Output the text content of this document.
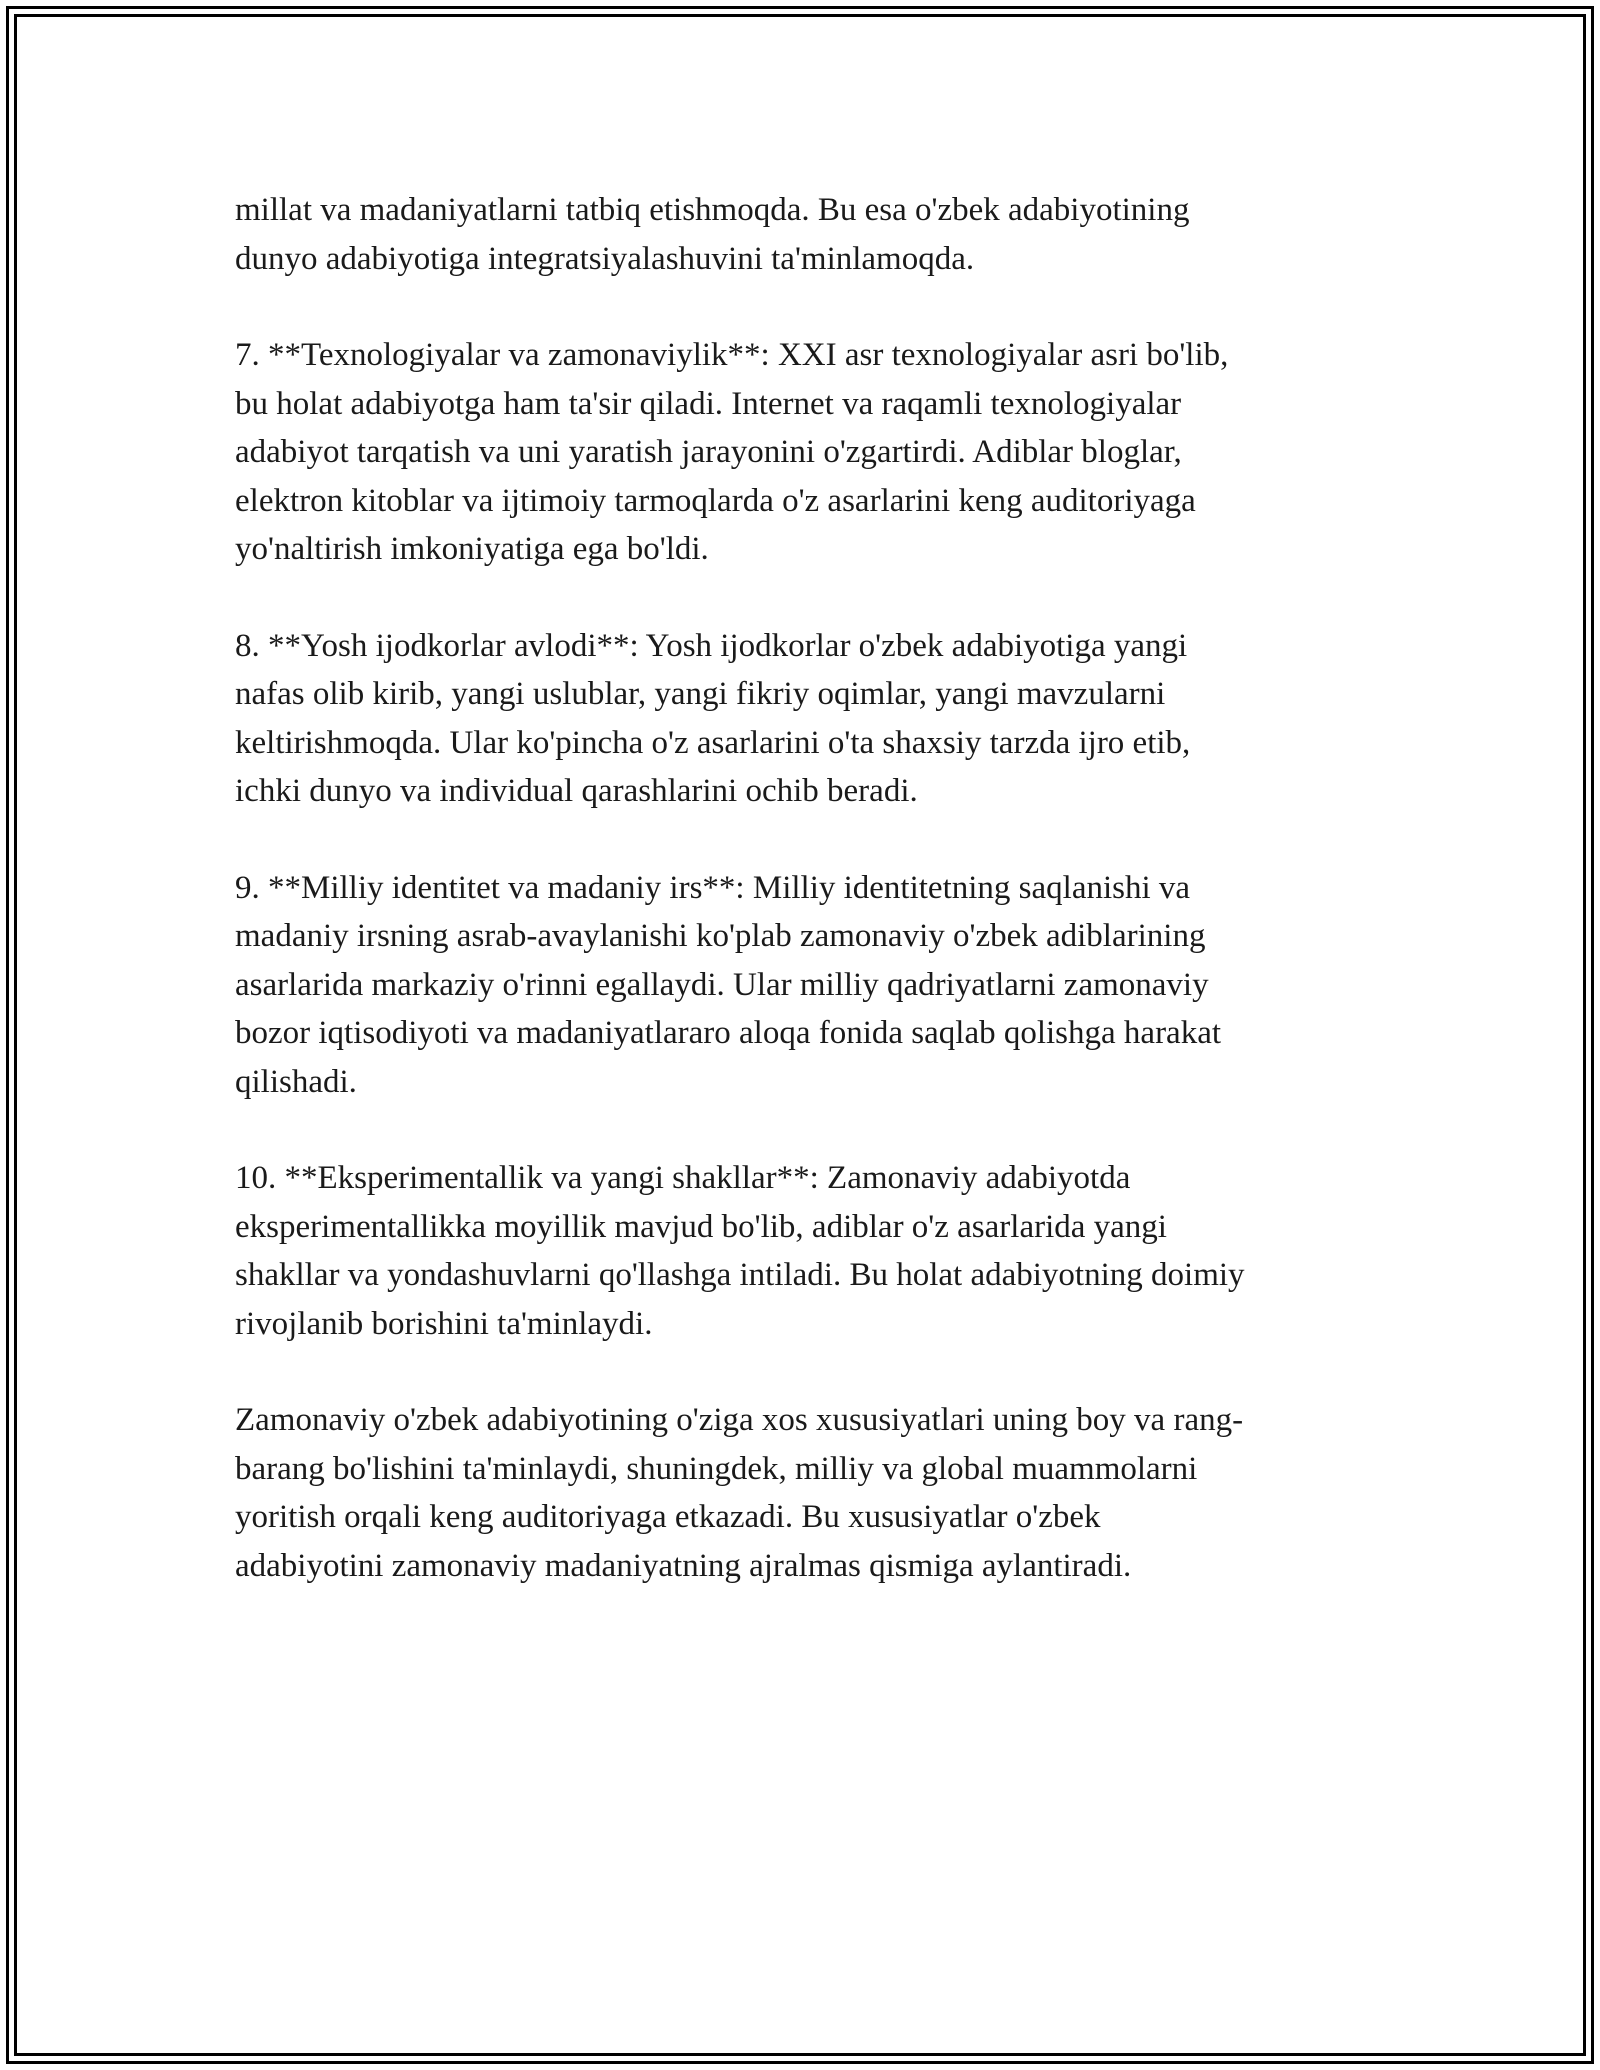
millat va madaniyatlarni tatbiq etishmoqda. Bu esa o'zbek adabiyotining
dunyo adabiyotiga integratsiyalashuvini ta'minlamoqda.

7. **Texnologiyalar va zamonaviylik**: XXI asr texnologiyalar asri bo'lib,
bu holat adabiyotga ham ta'sir qiladi. Internet va raqamli texnologiyalar
adabiyot tarqatish va uni yaratish jarayonini o'zgartirdi. Adiblar bloglar,
elektron kitoblar va ijtimoiy tarmoqlarda o'z asarlarini keng auditoriyaga
yo'naltirish imkoniyatiga ega bo'ldi.

8. **Yosh ijodkorlar avlodi**: Yosh ijodkorlar o'zbek adabiyotiga yangi
nafas olib kirib, yangi uslublar, yangi fikriy oqimlar, yangi mavzularni
keltirishmoqda. Ular ko'pincha o'z asarlarini o'ta shaxsiy tarzda ijro etib,
ichki dunyo va individual qarashlarini ochib beradi.

9. **Milliy identitet va madaniy irs**: Milliy identitetning saqlanishi va
madaniy irsning asrab-avaylanishi ko'plab zamonaviy o'zbek adiblarining
asarlarida markaziy o'rinni egallaydi. Ular milliy qadriyatlarni zamonaviy
bozor iqtisodiyoti va madaniyatlararo aloqa fonida saqlab qolishga harakat
qilishadi.

10. **Eksperimentallik va yangi shakllar**: Zamonaviy adabiyotda
eksperimentallikka moyillik mavjud bo'lib, adiblar o'z asarlarida yangi
shakllar va yondashuvlarni qo'llashga intiladi. Bu holat adabiyotning doimiy
rivojlanib borishini ta'minlaydi.

Zamonaviy o'zbek adabiyotining o'ziga xos xususiyatlari uning boy va rang-
barang bo'lishini ta'minlaydi, shuningdek, milliy va global muammolarni
yoritish orqali keng auditoriyaga etkazadi. Bu xususiyatlar o'zbek
adabiyotini zamonaviy madaniyatning ajralmas qismiga aylantiradi.
